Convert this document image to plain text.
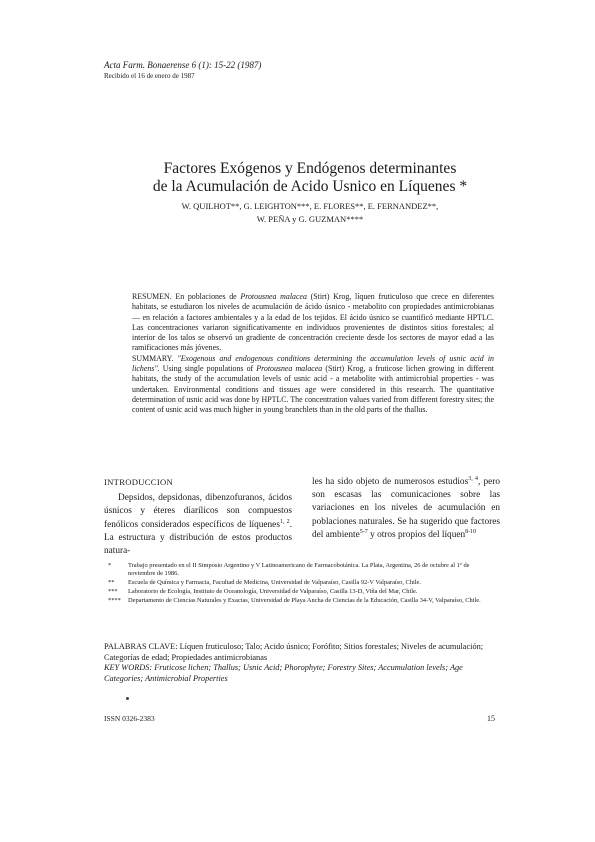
Acta Farm. Bonaerense 6 (1): 15-22 (1987)
Recibido el 16 de enero de 1987
Factores Exógenos y Endógenos determinantes
de la Acumulación de Acido Usnico en Líquenes *
W. QUILHOT**, G. LEIGHTON***, E. FLORES**, E. FERNANDEZ**,
W. PEÑA y G. GUZMAN****

RESUMEN. En poblaciones de Protousnea malacea (Stirt) Krog, líquen fruticuloso que crece en diferentes habitats, se estudiaron los niveles de acumulación de ácido úsnico - metabolito con propiedades antimicrobianas— en relación a factores ambientales y a la edad de los tejidos. El ácido úsnico se cuantificó mediante HPTLC. Las concentraciones variaron significativamente en individuos provenientes de distintos sitios forestales; al interior de los talos se observó un gradiente de concentración creciente desde los sectores de mayor edad a las ramificaciones más jóvenes.

SUMMARY. "Exogenous and endogenous conditions determining the accumulation levels of usnic acid in lichens". Using single populations of Protousnea malacea (Stirt) Krog, a fruticose lichen growing in different habitats, the study of the accumulation levels of usnic acid - a metabolite with antimicrobial properties - was undertaken. Environmental conditions and tissues age were considered in this research. The quantitative determination of usnic acid was done by HPTLC. The concentration values varied from different forestry sites; the content of usnic acid was much higher in young branchlets than in the old parts of the thallus.

INTRODUCCION

Depsidos, depsidonas, dibenzofuranos, ácidos úsnicos y éteres diarílicos son compuestos fenólicos considerados específicos de líquenes$^{1, 2}$. La estructura y distribución de estos productos natura-

les ha sido objeto de numerosos estudios$^{3, 4}$, pero son escasas las comunicaciones sobre las variaciones en los niveles de acumulación en poblaciones naturales. Se ha sugerido que factores del ambiente$^{5-7}$ y otros propios del líquen$^{8-10}$

*	Trabajo presentado en el II Simposio Argentino y V Latinoamericano de Farmacobotánica. La Plata, Argentina, 26 de octubre al 1º de noviembre de 1986.
**	Escuela de Química y Farmacia, Facultad de Medicina, Universidad de Valparaíso, Casilla 92-V Valparaíso, Chile.
***	Laboratorio de Ecología, Instituto de Oceanología, Universidad de Valparaíso, Casilla 13-D, Viña del Mar, Chile.
****	Departamento de Ciencias Naturales y Exactas, Universidad de Playa Ancha de Ciencias de la Educación, Casilla 34-V, Valparaíso, Chile.

PALABRAS CLAVE: Líquen fruticuloso; Talo; Acido úsnico; Forófito; Sitios forestales; Niveles de acumulación; Categorías de edad; Propiedades antimicrobianas

KEY WORDS: Fruticose lichen; Thallus; Usnic Acid; Phorophyte; Forestry Sites; Accumulation levels; Age Categories; Antimicrobial Properties

ISSN 0326-2383	15
